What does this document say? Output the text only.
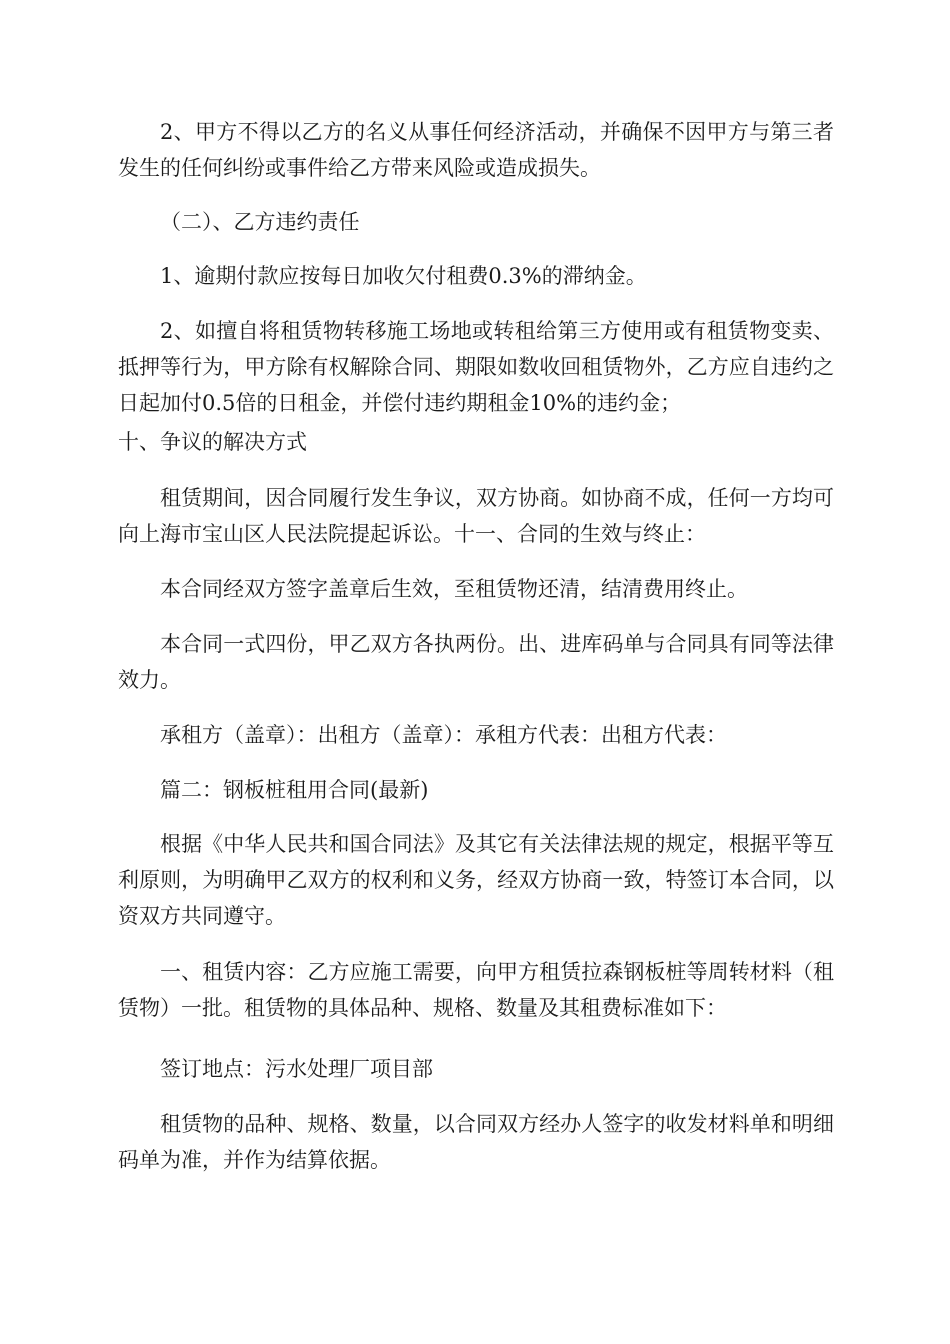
2、甲方不得以乙方的名义从事任何经济活动，并确保不因甲方与第三者发生的任何纠纷或事件给乙方带来风险或造成损失。

（二）、乙方违约责任

1、逾期付款应按每日加收欠付租费0.3%的滞纳金。

2、如擅自将租赁物转移施工场地或转租给第三方使用或有租赁物变卖、抵押等行为，甲方除有权解除合同、期限如数收回租赁物外，乙方应自违约之日起加付0.5倍的日租金，并偿付违约期租金10%的违约金；

十、争议的解决方式

租赁期间，因合同履行发生争议，双方协商。如协商不成，任何一方均可向上海市宝山区人民法院提起诉讼。十一、合同的生效与终止：

本合同经双方签字盖章后生效，至租赁物还清，结清费用终止。

本合同一式四份，甲乙双方各执两份。出、进库码单与合同具有同等法律效力。

承租方（盖章）：出租方（盖章）：承租方代表：出租方代表：

篇二：钢板桩租用合同(最新)

根据《中华人民共和国合同法》及其它有关法律法规的规定，根据平等互利原则，为明确甲乙双方的权利和义务，经双方协商一致，特签订本合同，以资双方共同遵守。

一、租赁内容：乙方应施工需要，向甲方租赁拉森钢板桩等周转材料（租赁物）一批。租赁物的具体品种、规格、数量及其租费标准如下：

签订地点：污水处理厂项目部

租赁物的品种、规格、数量，以合同双方经办人签字的收发材料单和明细码单为准，并作为结算依据。
